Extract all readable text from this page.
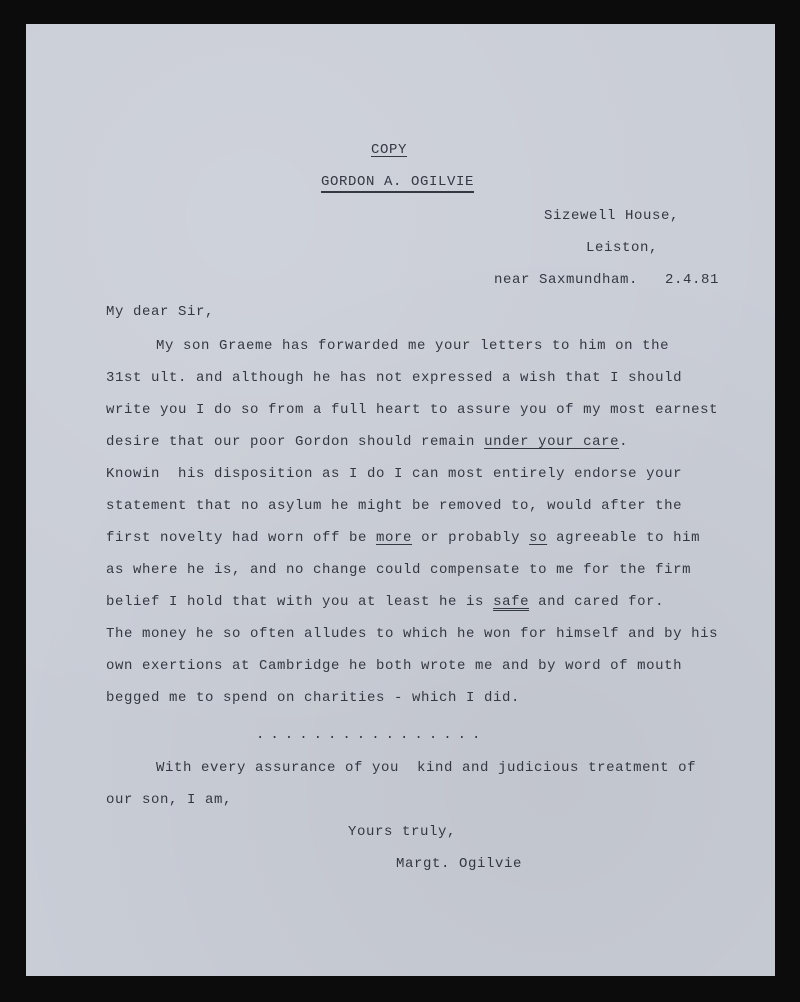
COPY
GORDON A. OGILVIE
Sizewell House,
Leiston,
near Saxmundham. 2.4.81
My dear Sir,
My son Graeme has forwarded me your letters to him on the
31st ult. and although he has not expressed a wish that I should
write you I do so from a full heart to assure you of my most earnest
desire that our poor Gordon should remain under your care.
Knowin  his disposition as I do I can most entirely endorse your
statement that no asylum he might be removed to, would after the
first novelty had worn off be more or probably so agreeable to him
as where he is, and no change could compensate to me for the firm
belief I hold that with you at least he is safe and cared for.
The money he so often alludes to which he won for himself and by his
own exertions at Cambridge he both wrote me and by word of mouth
begged me to spend on charities - which I did.
................
With every assurance of you  kind and judicious treatment of
our son, I am,
Yours truly,
Margt. Ogilvie
